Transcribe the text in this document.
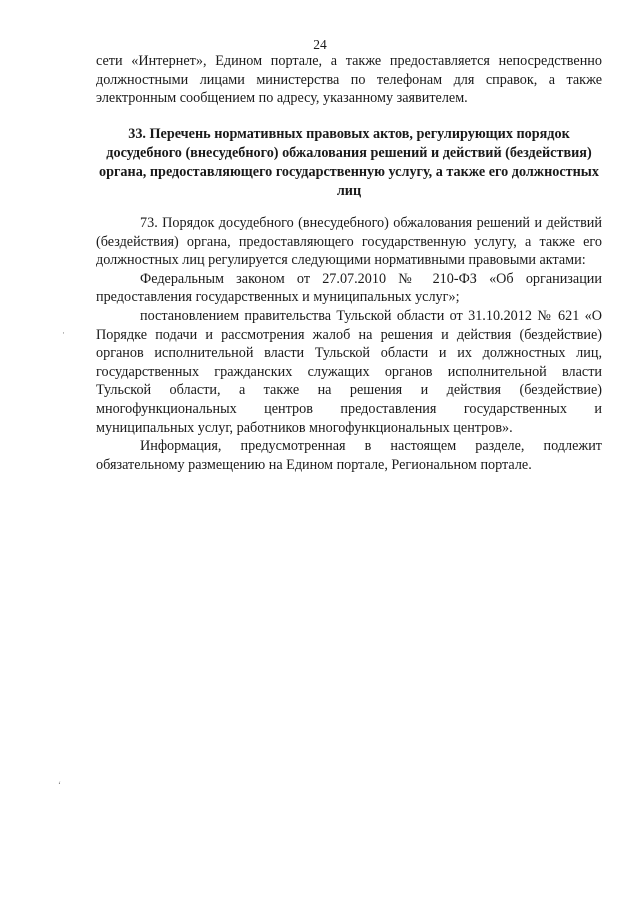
24

сети «Интернет», Едином портале, а также предоставляется непосредственно должностными лицами министерства по телефонам для справок, а также электронным сообщением по адресу, указанному заявителем.

33. Перечень нормативных правовых актов, регулирующих порядок досудебного (внесудебного) обжалования решений и действий (бездействия) органа, предоставляющего государственную услугу, а также его должностных лиц

73. Порядок досудебного (внесудебного) обжалования решений и действий (бездействия) органа, предоставляющего государственную услугу, а также его должностных лиц регулируется следующими нормативными правовыми актами:

Федеральным законом от 27.07.2010 № 210-ФЗ «Об организации предоставления государственных и муниципальных услуг»;

постановлением правительства Тульской области от 31.10.2012 № 621 «О Порядке подачи и рассмотрения жалоб на решения и действия (бездействие) органов исполнительной власти Тульской области и их должностных лиц, государственных гражданских служащих органов исполнительной власти Тульской области, а также на решения и действия (бездействие) многофункциональных центров предоставления государственных и муниципальных услуг, работников многофункциональных центров».

Информация, предусмотренная в настоящем разделе, подлежит обязательному размещению на Едином портале, Региональном портале.

·
ʻ
